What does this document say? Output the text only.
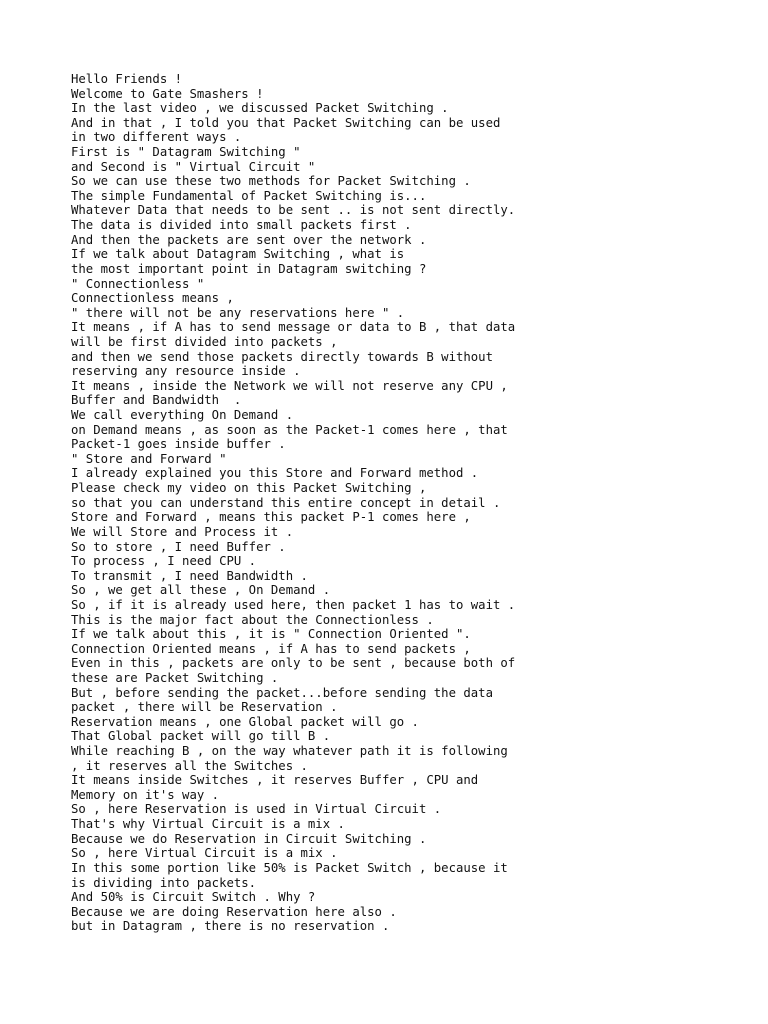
Hello Friends !
Welcome to Gate Smashers !
In the last video , we discussed Packet Switching .
And in that , I told you that Packet Switching can be used
in two different ways .
First is " Datagram Switching "
and Second is " Virtual Circuit "
So we can use these two methods for Packet Switching .
The simple Fundamental of Packet Switching is...
Whatever Data that needs to be sent .. is not sent directly.
The data is divided into small packets first .
And then the packets are sent over the network .
If we talk about Datagram Switching , what is
the most important point in Datagram switching ?
" Connectionless "
Connectionless means ,
" there will not be any reservations here " .
It means , if A has to send message or data to B , that data
will be first divided into packets ,
and then we send those packets directly towards B without
reserving any resource inside .
It means , inside the Network we will not reserve any CPU ,
Buffer and Bandwidth  .
We call everything On Demand .
on Demand means , as soon as the Packet-1 comes here , that
Packet-1 goes inside buffer .
" Store and Forward "
I already explained you this Store and Forward method .
Please check my video on this Packet Switching ,
so that you can understand this entire concept in detail .
Store and Forward , means this packet P-1 comes here ,
We will Store and Process it .
So to store , I need Buffer .
To process , I need CPU .
To transmit , I need Bandwidth .
So , we get all these , On Demand .
So , if it is already used here, then packet 1 has to wait .
This is the major fact about the Connectionless .
If we talk about this , it is " Connection Oriented ".
Connection Oriented means , if A has to send packets ,
Even in this , packets are only to be sent , because both of
these are Packet Switching .
But , before sending the packet...before sending the data
packet , there will be Reservation .
Reservation means , one Global packet will go .
That Global packet will go till B .
While reaching B , on the way whatever path it is following
, it reserves all the Switches .
It means inside Switches , it reserves Buffer , CPU and
Memory on it's way .
So , here Reservation is used in Virtual Circuit .
That's why Virtual Circuit is a mix .
Because we do Reservation in Circuit Switching .
So , here Virtual Circuit is a mix .
In this some portion like 50% is Packet Switch , because it
is dividing into packets.
And 50% is Circuit Switch . Why ?
Because we are doing Reservation here also .
but in Datagram , there is no reservation .
